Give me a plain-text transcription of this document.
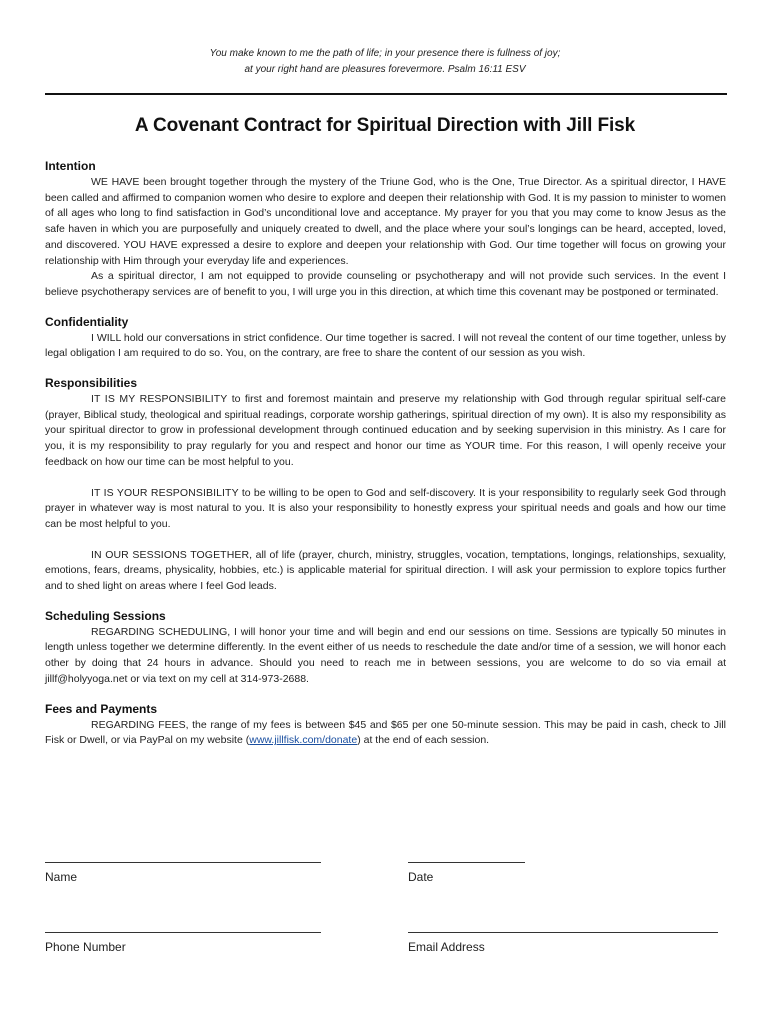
You make known to me the path of life; in your presence there is fullness of joy;
at your right hand are pleasures forevermore. Psalm 16:11 ESV
A Covenant Contract for Spiritual Direction with Jill Fisk
Intention

WE HAVE been brought together through the mystery of the Triune God, who is the One, True Director. As a spiritual director, I HAVE been called and affirmed to companion women who desire to explore and deepen their relationship with God. It is my passion to minister to women of all ages who long to find satisfaction in God’s unconditional love and acceptance. My prayer for you that you may come to know Jesus as the safe haven in which you are purposefully and uniquely created to dwell, and the place where your soul’s longings can be heard, accepted, loved, and discovered. YOU HAVE expressed a desire to explore and deepen your relationship with God. Our time together will focus on growing your relationship with Him through your everyday life and experiences.

As a spiritual director, I am not equipped to provide counseling or psychotherapy and will not provide such services. In the event I believe psychotherapy services are of benefit to you, I will urge you in this direction, at which time this covenant may be postponed or terminated.

Confidentiality

I WILL hold our conversations in strict confidence. Our time together is sacred. I will not reveal the content of our time together, unless by legal obligation I am required to do so. You, on the contrary, are free to share the content of our session as you wish.

Responsibilities

IT IS MY RESPONSIBILITY to first and foremost maintain and preserve my relationship with God through regular spiritual self-care (prayer, Biblical study, theological and spiritual readings, corporate worship gatherings, spiritual direction of my own). It is also my responsibility as your spiritual director to grow in professional development through continued education and by seeking supervision in this ministry. As I care for you, it is my responsibility to pray regularly for you and respect and honor our time as YOUR time. For this reason, I will openly receive your feedback on how our time can be most helpful to you.

IT IS YOUR RESPONSIBILITY to be willing to be open to God and self-discovery. It is your responsibility to regularly seek God through prayer in whatever way is most natural to you. It is also your responsibility to honestly express your spiritual needs and goals and how our time can be most helpful to you.

IN OUR SESSIONS TOGETHER, all of life (prayer, church, ministry, struggles, vocation, temptations, longings, relationships, sexuality, emotions, fears, dreams, physicality, hobbies, etc.) is applicable material for spiritual direction. I will ask your permission to explore topics further and to shed light on areas where I feel God leads.

Scheduling Sessions

REGARDING SCHEDULING, I will honor your time and will begin and end our sessions on time. Sessions are typically 50 minutes in length unless together we determine differently. In the event either of us needs to reschedule the date and/or time of a session, we will honor each other by doing that 24 hours in advance. Should you need to reach me in between sessions, you are welcome to do so via email at jillf@holyyoga.net or via text on my cell at 314-973-2688.

Fees and Payments

REGARDING FEES, the range of my fees is between $45 and $65 per one 50-minute session. This may be paid in cash, check to Jill Fisk or Dwell, or via PayPal on my website (www.jillfisk.com/donate) at the end of each session.

Name	Date
Phone Number	Email Address
